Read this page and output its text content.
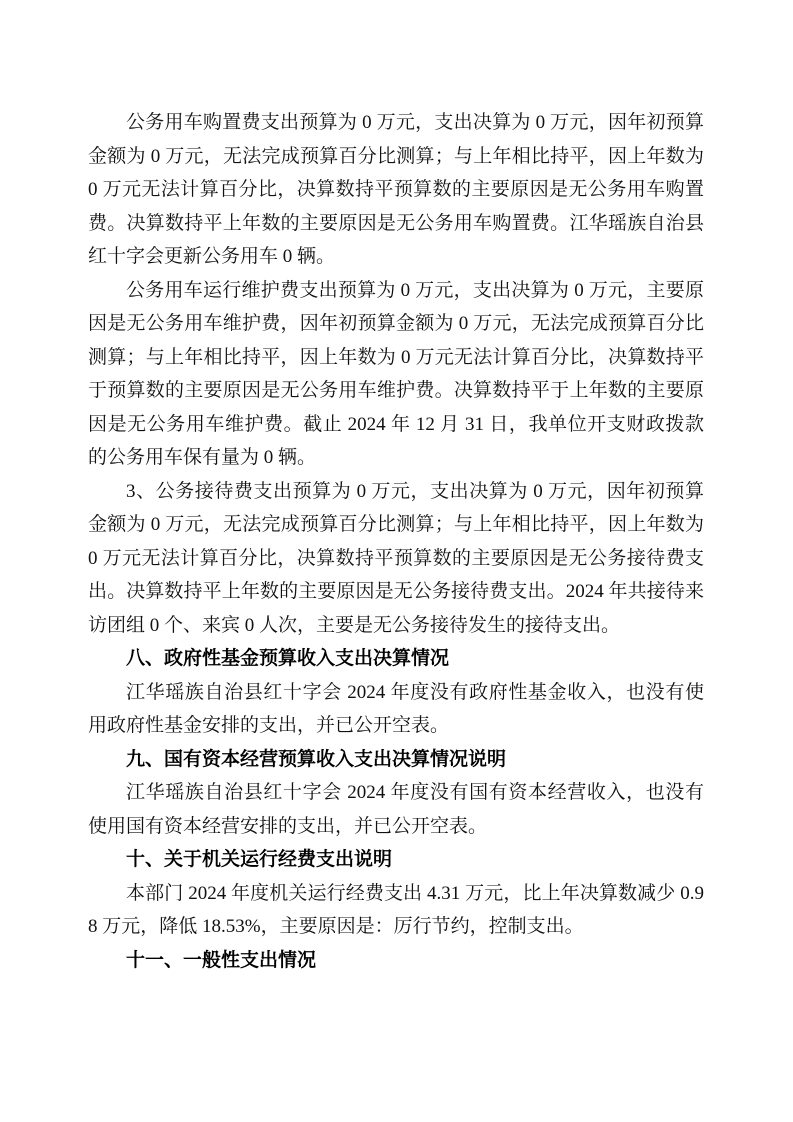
公务用车购置费支出预算为 0 万元，支出决算为 0 万元，因年初预算金额为 0 万元，无法完成预算百分比测算；与上年相比持平，因上年数为 0 万元无法计算百分比，决算数持平预算数的主要原因是无公务用车购置费。决算数持平上年数的主要原因是无公务用车购置费。江华瑶族自治县红十字会更新公务用车 0 辆。

公务用车运行维护费支出预算为 0 万元，支出决算为 0 万元，主要原因是无公务用车维护费，因年初预算金额为 0 万元，无法完成预算百分比测算；与上年相比持平，因上年数为 0 万元无法计算百分比，决算数持平于预算数的主要原因是无公务用车维护费。决算数持平于上年数的主要原因是无公务用车维护费。截止 2024 年 12 月 31 日，我单位开支财政拨款的公务用车保有量为 0 辆。

3、公务接待费支出预算为 0 万元，支出决算为 0 万元，因年初预算金额为 0 万元，无法完成预算百分比测算；与上年相比持平，因上年数为 0 万元无法计算百分比，决算数持平预算数的主要原因是无公务接待费支出。决算数持平上年数的主要原因是无公务接待费支出。2024 年共接待来访团组 0 个、来宾 0 人次，主要是无公务接待发生的接待支出。

八、政府性基金预算收入支出决算情况

江华瑶族自治县红十字会 2024 年度没有政府性基金收入，也没有使用政府性基金安排的支出，并已公开空表。

九、国有资本经营预算收入支出决算情况说明

江华瑶族自治县红十字会 2024 年度没有国有资本经营收入，也没有使用国有资本经营安排的支出，并已公开空表。

十、关于机关运行经费支出说明

本部门 2024 年度机关运行经费支出 4.31 万元，比上年决算数减少 0.98 万元，降低 18.53%，主要原因是：厉行节约，控制支出。

十一、一般性支出情况
